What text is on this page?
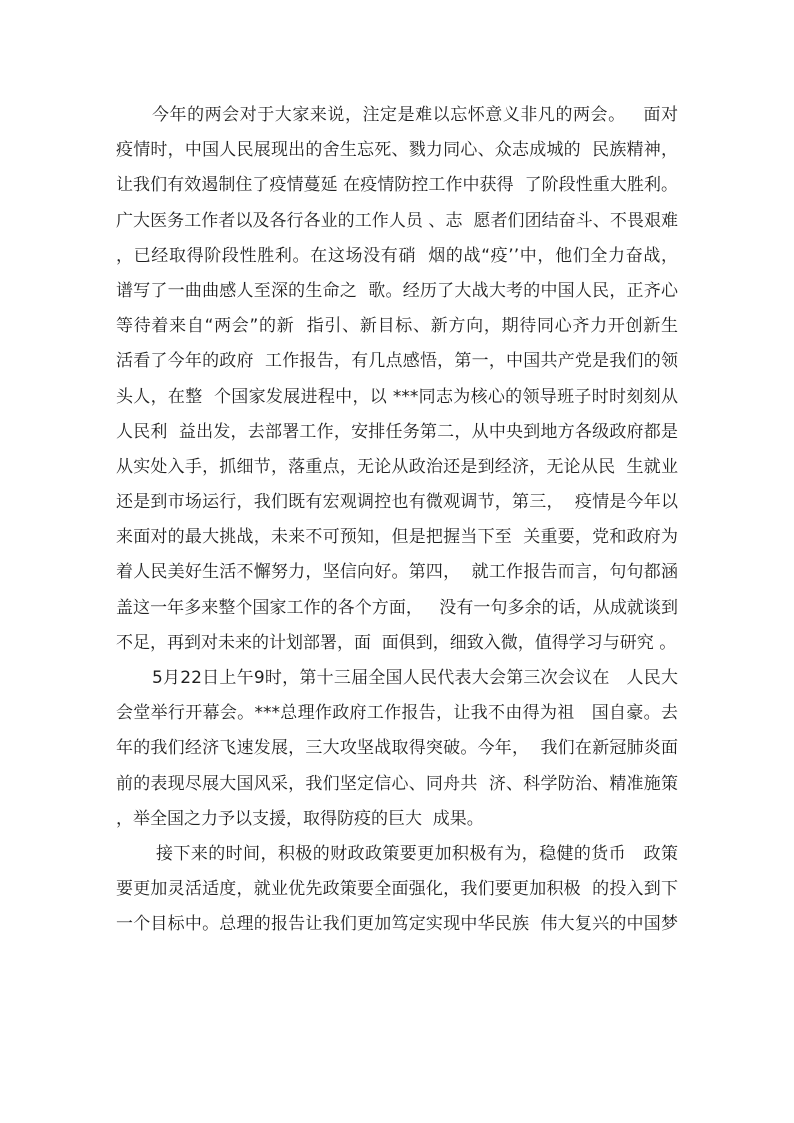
今年的两会对于大家来说，注定是难以忘怀意义非凡的两会。   面对
疫情时，中国人民展现出的舍生忘死、戮力同心、众志成城的  民族精神，
让我们有效遏制住了疫情蔓延 在疫情防控工作中获得  了阶段性重大胜利。
广大医务工作者以及各行各业的工作人员 、志  愿者们团结奋斗、不畏艰难
，已经取得阶段性胜利。在这场没有硝  烟的战“疫’’中，他们全力奋战，
谱写了一曲曲感人至深的生命之  歌。经历了大战大考的中国人民，正齐心
等待着来自“两会”的新  指引、新目标、新方向，期待同心齐力开创新生
活看了今年的政府  工作报告，有几点感悟，第一，中国共产党是我们的领
头人，在整  个国家发展进程中，以 ***同志为核心的领导班子时时刻刻从
人民利  益出发，去部署工作，安排任务第二，从中央到地方各级政府都是
从实处入手，抓细节，落重点，无论从政治还是到经济，无论从民  生就业
还是到市场运行，我们既有宏观调控也有微观调节，第三，  疫情是今年以
来面对的最大挑战，未来不可预知，但是把握当下至  关重要，党和政府为
着人民美好生活不懈努力，坚信向好。第四，  就工作报告而言，句句都涵
盖这一年多来整个国家工作的各个方面，   没有一句多余的话，从成就谈到
不足，再到对未来的计划部署，面  面俱到，细致入微，值得学习与研究 。
5月22日上午9时，第十三届全国人民代表大会第三次会议在   人民大
会堂举行开幕会。***总理作政府工作报告，让我不由得为祖   国自豪。去
年的我们经济飞速发展，三大攻坚战取得突破。今年，  我们在新冠肺炎面
前的表现尽展大国风采，我们坚定信心、同舟共  济、科学防治、精准施策
，举全国之力予以支援，取得防疫的巨大  成果。
接下来的时间，积极的财政政策要更加积极有为，稳健的货币   政策
要更加灵活适度，就业优先政策要全面强化，我们要更加积极  的投入到下
一个目标中。总理的报告让我们更加笃定实现中华民族  伟大复兴的中国梦
